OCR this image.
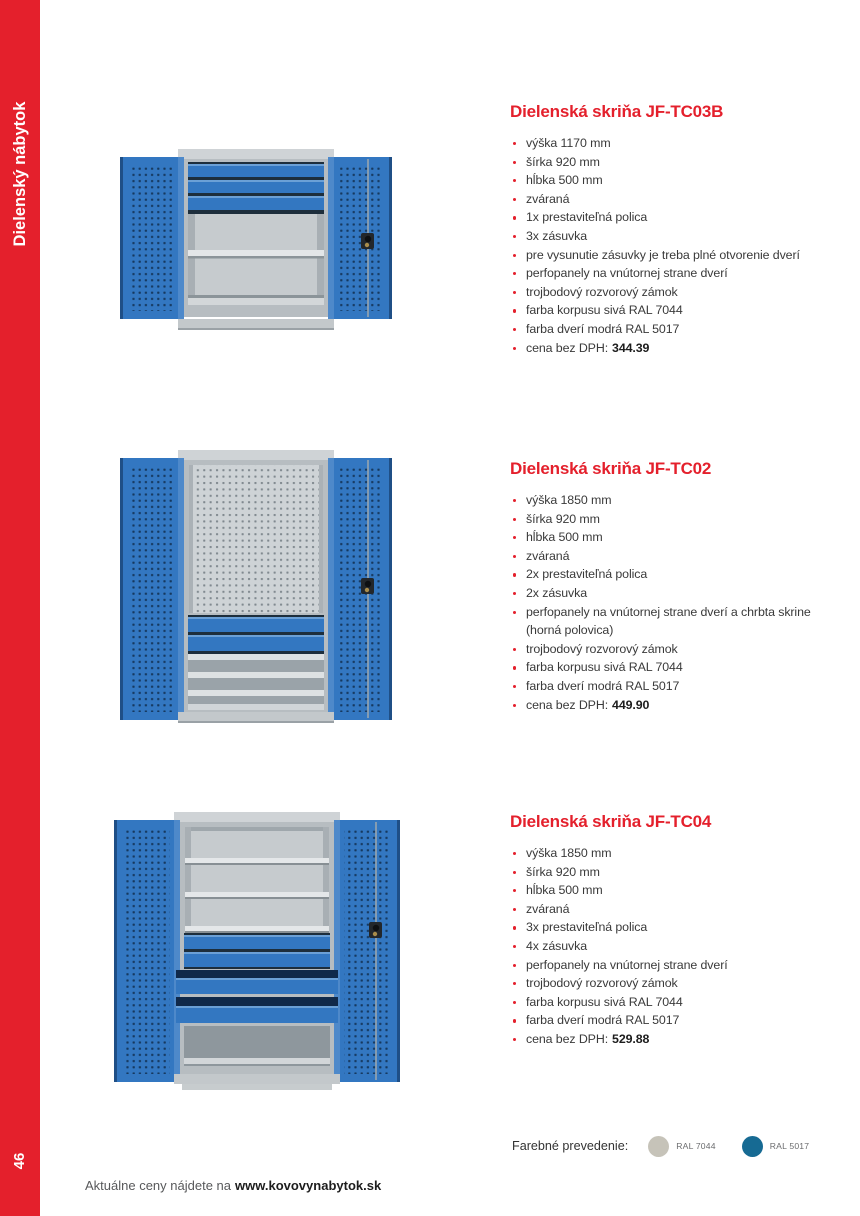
Dielenský nábytok
46
Dielenská skriňa JF-TC03B
výška 1170 mm
šírka 920 mm
hĺbka 500 mm
zváraná
1x prestaviteľná polica
3x zásuvka
pre vysunutie zásuvky je treba plné otvorenie dverí
perfopanely na vnútornej strane dverí
trojbodový rozvorový zámok
farba korpusu sivá RAL 7044
farba dverí modrá RAL 5017
cena bez DPH: 344.39
Dielenská skriňa JF-TC02
výška 1850 mm
šírka 920 mm
hĺbka 500 mm
zváraná
2x prestaviteľná polica
2x zásuvka
perfopanely na vnútornej strane dverí a chrbta skrine (horná polovica)
trojbodový rozvorový zámok
farba korpusu sivá RAL 7044
farba dverí modrá RAL 5017
cena bez DPH: 449.90
Dielenská skriňa JF-TC04
výška 1850 mm
šírka 920 mm
hĺbka 500 mm
zváraná
3x prestaviteľná polica
4x zásuvka
perfopanely na vnútornej strane dverí
trojbodový rozvorový zámok
farba korpusu sivá RAL 7044
farba dverí modrá RAL 5017
cena bez DPH: 529.88
Farebné prevedenie:	RAL 7044	RAL 5017
Aktuálne ceny nájdete na www.kovovynabytok.sk
